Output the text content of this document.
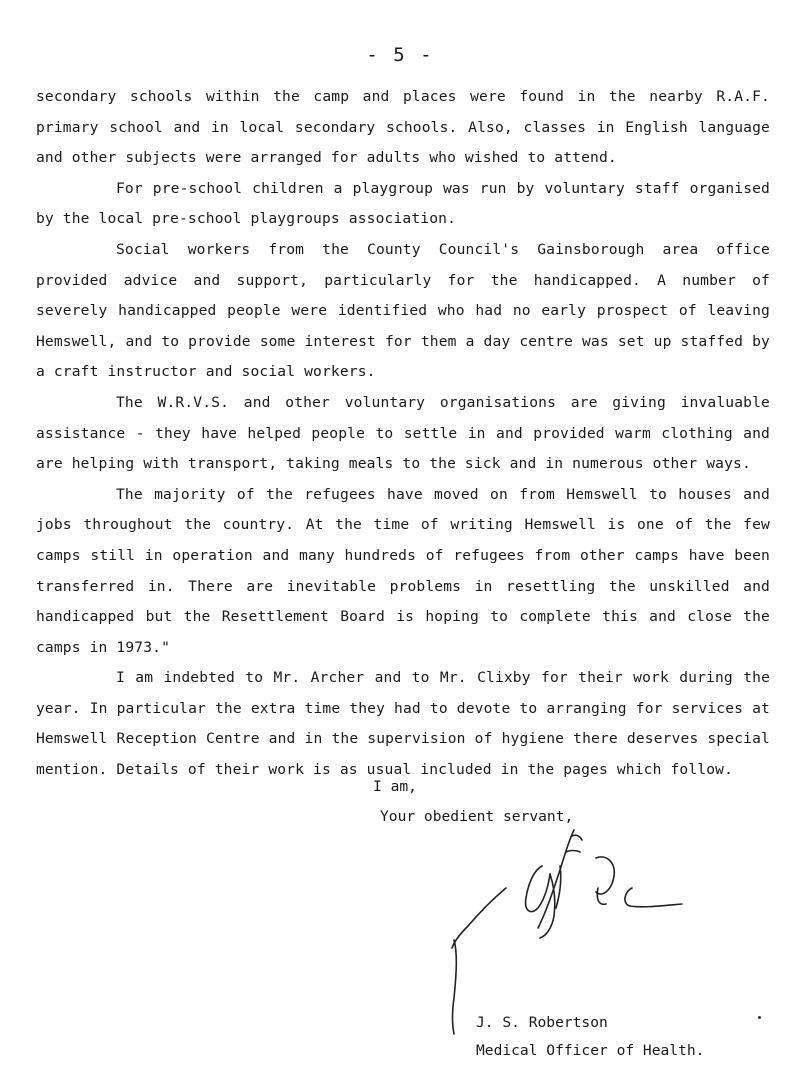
- 5 -

secondary schools within the camp and places were found in the nearby R.A.F. primary school and in local secondary schools. Also, classes in English language and other subjects were arranged for adults who wished to attend.

For pre-school children a playgroup was run by voluntary staff organised by the local pre-school playgroups association.

Social workers from the County Council's Gainsborough area office provided advice and support, particularly for the handicapped. A number of severely handicapped people were identified who had no early prospect of leaving Hemswell, and to provide some interest for them a day centre was set up staffed by a craft instructor and social workers.

The W.R.V.S. and other voluntary organisations are giving invaluable assistance - they have helped people to settle in and provided warm clothing and are helping with transport, taking meals to the sick and in numerous other ways.

The majority of the refugees have moved on from Hemswell to houses and jobs throughout the country. At the time of writing Hemswell is one of the few camps still in operation and many hundreds of refugees from other camps have been transferred in. There are inevitable problems in resettling the unskilled and handicapped but the Resettlement Board is hoping to complete this and close the camps in 1973."

I am indebted to Mr. Archer and to Mr. Clixby for their work during the year. In particular the extra time they had to devote to arranging for services at Hemswell Reception Centre and in the supervision of hygiene there deserves special mention. Details of their work is as usual included in the pages which follow.

I am,
Your obedient servant,
J. S. Robertson
Medical Officer of Health.
